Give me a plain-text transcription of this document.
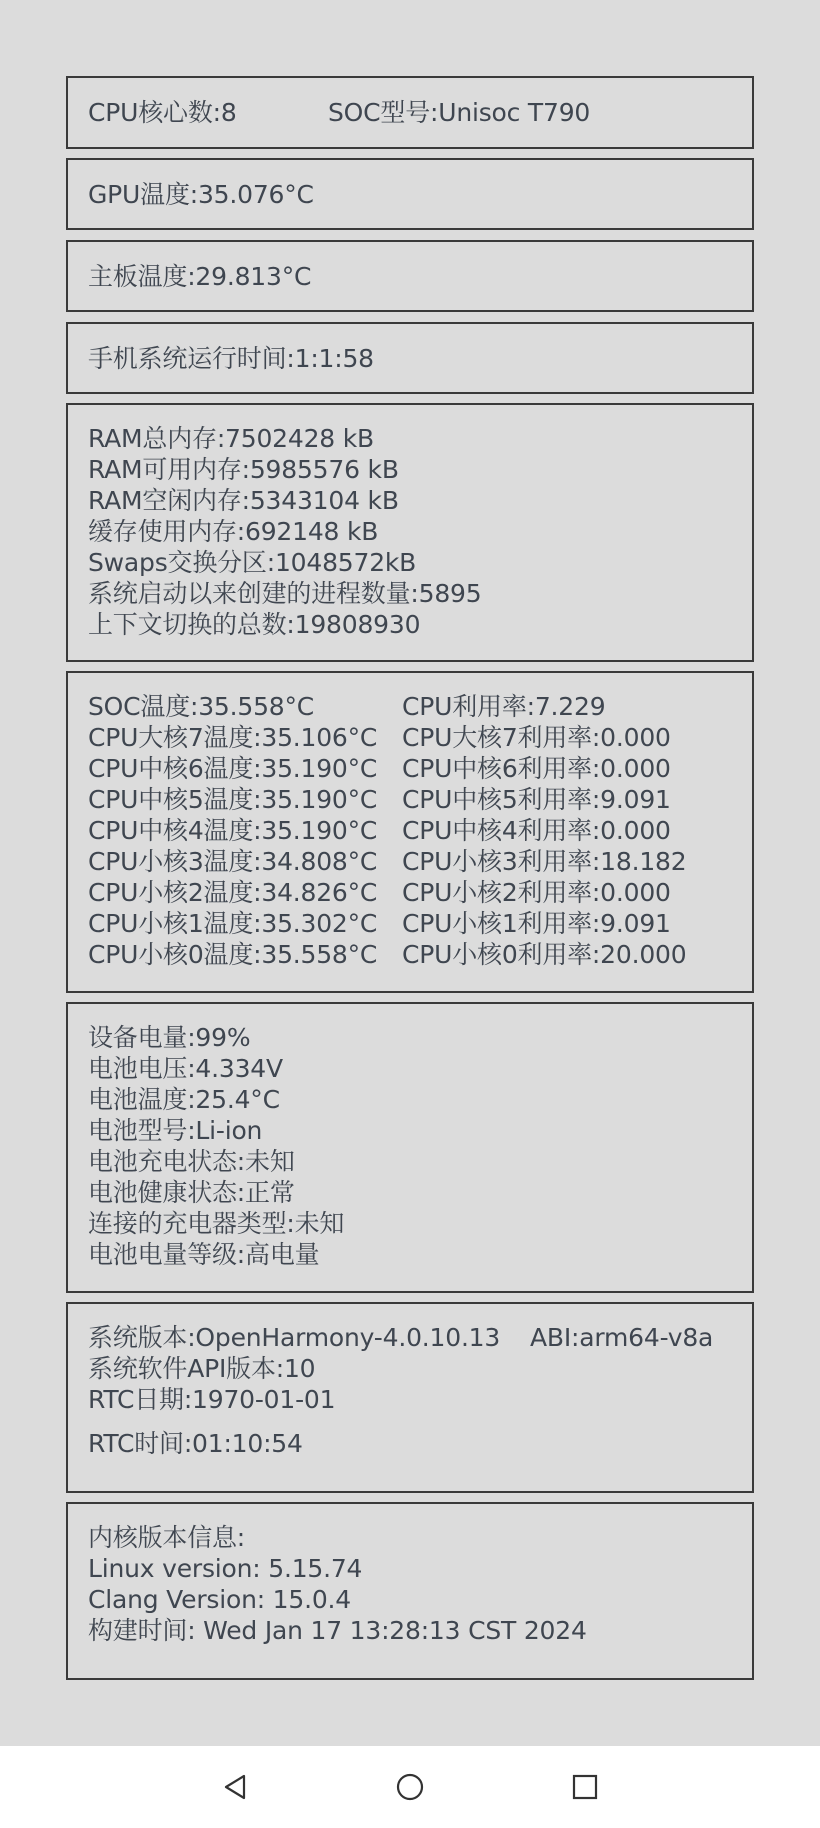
CPU核心数:8	SOC型号:Unisoc T790
GPU温度:35.076°C
主板温度:29.813°C
手机系统运行时间:1:1:58
RAM总内存:7502428 kB
RAM可用内存:5985576 kB
RAM空闲内存:5343104 kB
缓存使用内存:692148 kB
Swaps交换分区:1048572kB
系统启动以来创建的进程数量:5895
上下文切换的总数:19808930
SOC温度:35.558°C
CPU大核7温度:35.106°C
CPU中核6温度:35.190°C
CPU中核5温度:35.190°C
CPU中核4温度:35.190°C
CPU小核3温度:34.808°C
CPU小核2温度:34.826°C
CPU小核1温度:35.302°C
CPU小核0温度:35.558°C
CPU利用率:7.229
CPU大核7利用率:0.000
CPU中核6利用率:0.000
CPU中核5利用率:9.091
CPU中核4利用率:0.000
CPU小核3利用率:18.182
CPU小核2利用率:0.000
CPU小核1利用率:9.091
CPU小核0利用率:20.000
设备电量:99%
电池电压:4.334V
电池温度:25.4°C
电池型号:Li-ion
电池充电状态:未知
电池健康状态:正常
连接的充电器类型:未知
电池电量等级:高电量
系统版本:OpenHarmony-4.0.10.13 ABI:arm64-v8a
系统软件API版本:10
RTC日期:1970-01-01
RTC时间:01:10:54
内核版本信息:
Linux version: 5.15.74
Clang Version: 15.0.4
构建时间: Wed Jan 17 13:28:13 CST 2024
